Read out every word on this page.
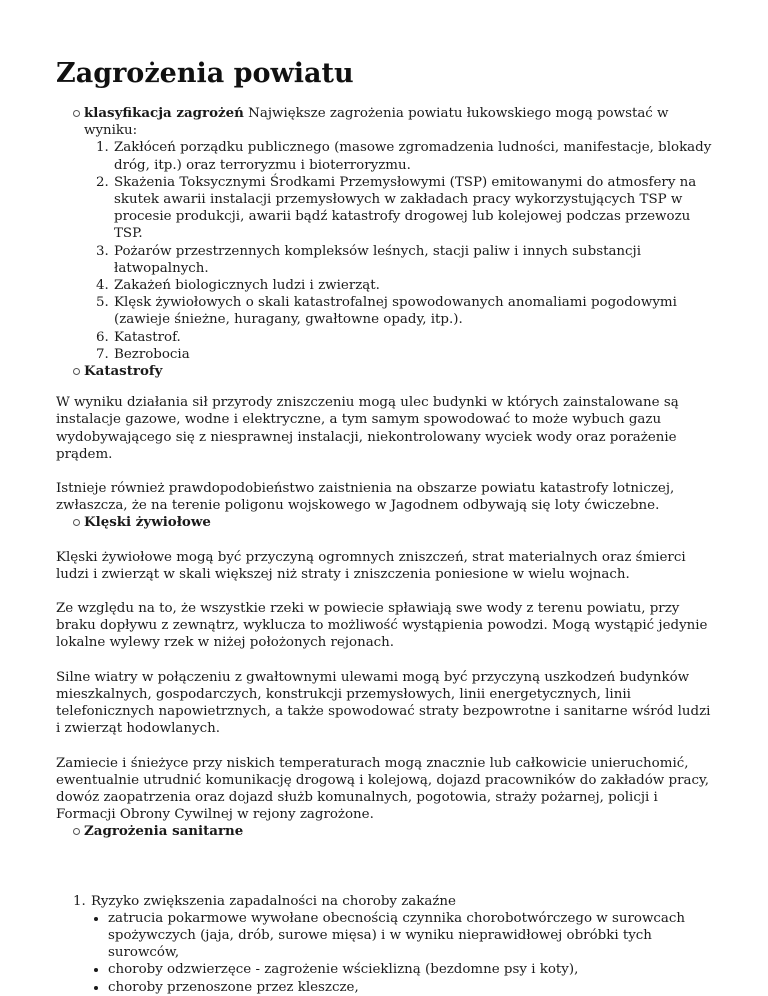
Zagrożenia powiatu
klasyfikacja zagrożeń Największe zagrożenia powiatu łukowskiego mogą powstać w wyniku:
1. Zakłóceń porządku publicznego (masowe zgromadzenia ludności, manifestacje, blokady dróg, itp.) oraz terroryzmu i bioterroryzmu.
2. Skażenia Toksycznymi Środkami Przemysłowymi (TSP) emitowanymi do atmosfery na skutek awarii instalacji przemysłowych w zakładach pracy wykorzystujących TSP w procesie produkcji, awarii bądź katastrofy drogowej lub kolejowej podczas przewozu TSP.
3. Pożarów przestrzennych kompleksów leśnych, stacji paliw i innych substancji łatwopalnych.
4. Zakażeń biologicznych ludzi i zwierząt.
5. Klęsk żywiołowych o skali katastrofalnej spowodowanych anomaliami pogodowymi (zawieje śnieżne, huragany, gwałtowne opady, itp.).
6. Katastrof.
7. Bezrobocia
Katastrofy

W wyniku działania sił przyrody zniszczeniu mogą ulec budynki w których zainstalowane są instalacje gazowe, wodne i elektryczne, a tym samym spowodować to może wybuch gazu wydobywającego się z niesprawnej instalacji, niekontrolowany wyciek wody oraz porażenie prądem.

Istnieje również prawdopodobieństwo zaistnienia na obszarze powiatu katastrofy lotniczej, zwłaszcza, że na terenie poligonu wojskowego w Jagodnem odbywają się loty ćwiczebne.

Klęski żywiołowe

Klęski żywiołowe mogą być przyczyną ogromnych zniszczeń, strat materialnych oraz śmierci ludzi i zwierząt w skali większej niż straty i zniszczenia poniesione w wielu wojnach.

Ze względu na to, że wszystkie rzeki w powiecie spławiają swe wody z terenu powiatu, przy braku dopływu z zewnątrz, wyklucza to możliwość wystąpienia powodzi. Mogą wystąpić jedynie lokalne wylewy rzek w niżej położonych rejonach.

Silne wiatry w połączeniu z gwałtownymi ulewami mogą być przyczyną uszkodzeń budynków mieszkalnych, gospodarczych, konstrukcji przemysłowych, linii energetycznych, linii telefonicznych napowietrznych, a także spowodować straty bezpowrotne i sanitarne wśród ludzi i zwierząt hodowlanych.

Zamiecie i śnieżyce przy niskich temperaturach mogą znacznie lub całkowicie unieruchomić, ewentualnie utrudnić komunikację drogową i kolejową, dojazd pracowników do zakładów pracy, dowóz zaopatrzenia oraz dojazd służb komunalnych, pogotowia, straży pożarnej, policji i Formacji Obrony Cywilnej w rejony zagrożone.

Zagrożenia sanitarne
1. Ryzyko zwiększenia zapadalności na choroby zakaźne
• zatrucia pokarmowe wywołane obecnością czynnika chorobotwórczego w surowcach spożywczych (jaja, drób, surowe mięsa) i w wyniku nieprawidłowej obróbki tych surowców,
• choroby odzwierzęce - zagrożenie wścieklizną (bezdomne psy i koty),
• choroby przenoszone przez kleszcze,
